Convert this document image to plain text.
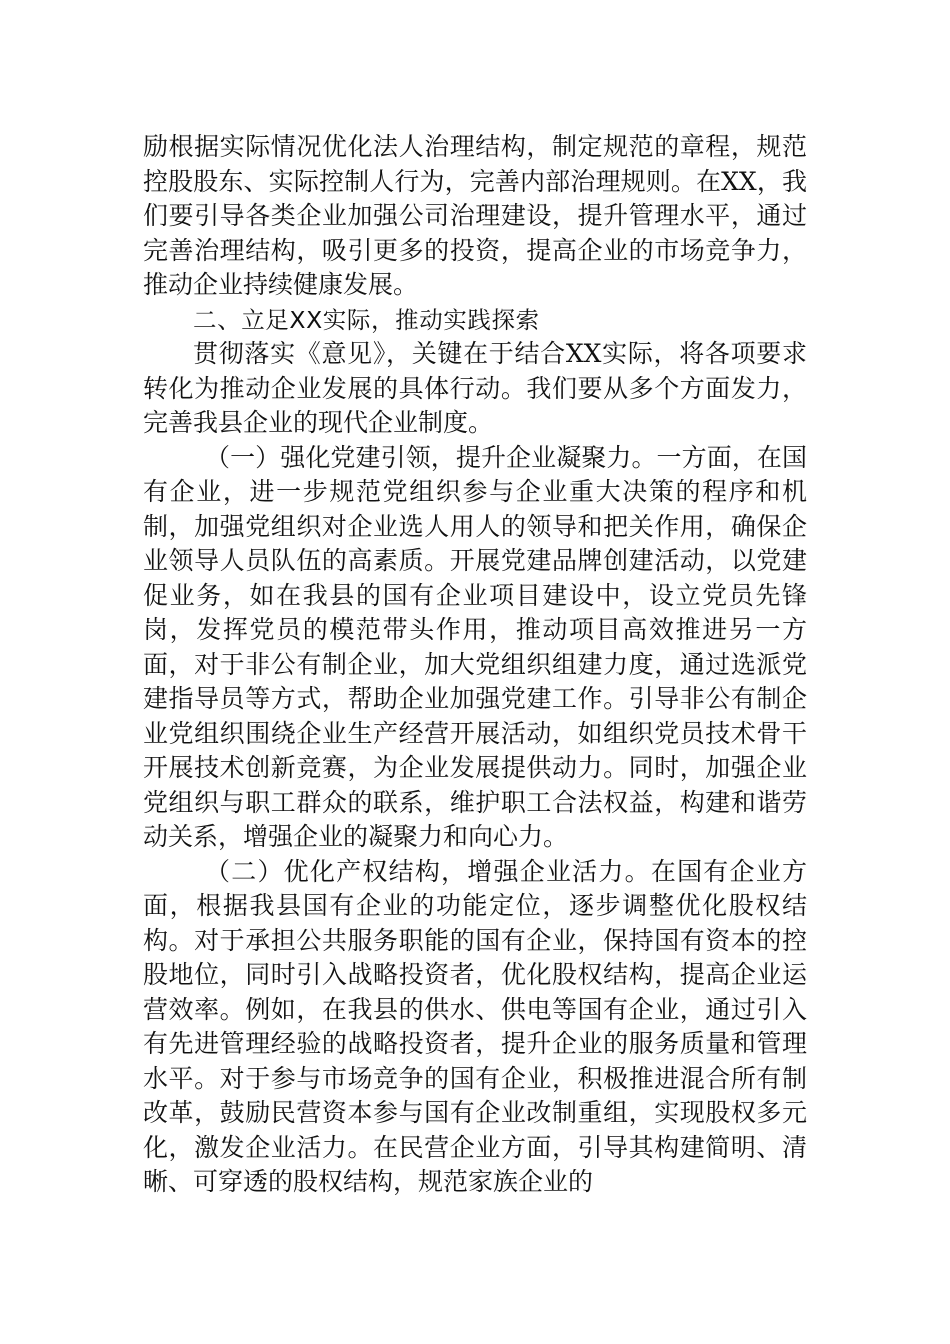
励根据实际情况优化法人治理结构，制定规范的章程，规范控股股东、实际控制人行为，完善内部治理规则。在XX，我们要引导各类企业加强公司治理建设，提升管理水平，通过完善治理结构，吸引更多的投资，提高企业的市场竞争力，推动企业持续健康发展。

二、立足XX实际，推动实践探索

贯彻落实《意见》，关键在于结合XX实际，将各项要求转化为推动企业发展的具体行动。我们要从多个方面发力，完善我县企业的现代企业制度。

（一）强化党建引领，提升企业凝聚力。一方面，在国有企业，进一步规范党组织参与企业重大决策的程序和机制，加强党组织对企业选人用人的领导和把关作用，确保企业领导人员队伍的高素质。开展党建品牌创建活动，以党建促业务，如在我县的国有企业项目建设中，设立党员先锋岗，发挥党员的模范带头作用，推动项目高效推进另一方面，对于非公有制企业，加大党组织组建力度，通过选派党建指导员等方式，帮助企业加强党建工作。引导非公有制企业党组织围绕企业生产经营开展活动，如组织党员技术骨干开展技术创新竞赛，为企业发展提供动力。同时，加强企业党组织与职工群众的联系，维护职工合法权益，构建和谐劳动关系，增强企业的凝聚力和向心力。

（二）优化产权结构，增强企业活力。在国有企业方面，根据我县国有企业的功能定位，逐步调整优化股权结构。对于承担公共服务职能的国有企业，保持国有资本的控股地位，同时引入战略投资者，优化股权结构，提高企业运营效率。例如，在我县的供水、供电等国有企业，通过引入有先进管理经验的战略投资者，提升企业的服务质量和管理水平。对于参与市场竞争的国有企业，积极推进混合所有制改革，鼓励民营资本参与国有企业改制重组，实现股权多元化，激发企业活力。在民营企业方面，引导其构建简明、清晰、可穿透的股权结构，规范家族企业的
